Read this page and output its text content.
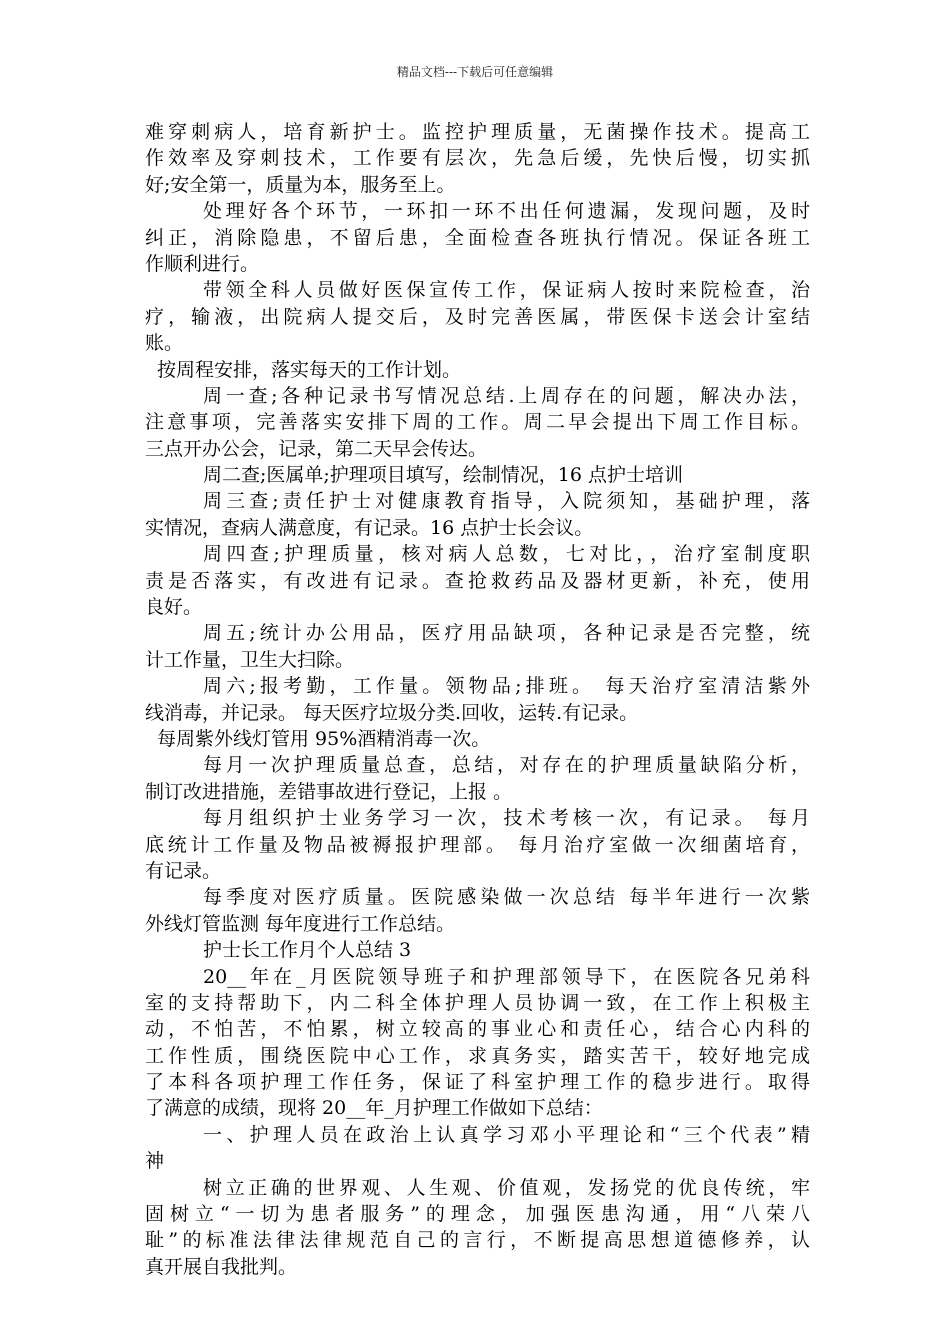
精品文档---下载后可任意编辑
难穿刺病人，培育新护士。监控护理质量，无菌操作技术。提高工
作效率及穿刺技术，工作要有层次，先急后缓，先快后慢，切实抓
好;安全第一，质量为本，服务至上。
处理好各个环节，一环扣一环不出任何遗漏，发现问题，及时
纠正，消除隐患，不留后患，全面检查各班执行情况。保证各班工
作顺利进行。
带领全科人员做好医保宣传工作，保证病人按时来院检查，治
疗，输液，出院病人提交后，及时完善医属，带医保卡送会计室结
账。
按周程安排，落实每天的工作计划。
周一查;各种记录书写情况总结.上周存在的问题，解决办法，
注意事项，完善落实安排下周的工作。周二早会提出下周工作目标。
三点开办公会，记录，第二天早会传达。
周二查;医属单;护理项目填写，绘制情况，16 点护士培训
周三查;责任护士对健康教育指导，入院须知，基础护理，落
实情况，查病人满意度，有记录。16 点护士长会议。
周四查;护理质量，核对病人总数，七对比，，治疗室制度职
责是否落实，有改进有记录。查抢救药品及器材更新，补充，使用
良好。
周五;统计办公用品，医疗用品缺项，各种记录是否完整，统
计工作量，卫生大扫除。
周六;报考勤，工作量。领物品;排班。 每天治疗室清洁紫外
线消毒，并记录。 每天医疗垃圾分类.回收，运转.有记录。
每周紫外线灯管用 95%酒精消毒一次。
每月一次护理质量总查，总结，对存在的护理质量缺陷分析，
制订改进措施，差错事故进行登记，上报 。
每月组织护士业务学习一次，技术考核一次，有记录。 每月
底统计工作量及物品被褥报护理部。 每月治疗室做一次细菌培育，
有记录。
每季度对医疗质量。医院感染做一次总结 每半年进行一次紫
外线灯管监测 每年度进行工作总结。
护士长工作月个人总结 3
20__年在_月医院领导班子和护理部领导下，在医院各兄弟科
室的支持帮助下，内二科全体护理人员协调一致，在工作上积极主
动，不怕苦，不怕累，树立较高的事业心和责任心，结合心内科的
工作性质，围绕医院中心工作，求真务实，踏实苦干，较好地完成
了本科各项护理工作任务，保证了科室护理工作的稳步进行。取得
了满意的成绩，现将 20__年_月护理工作做如下总结：
一、护理人员在政治上认真学习邓小平理论和“三个代表”精
神
树立正确的世界观、人生观、价值观，发扬党的优良传统，牢
固树立“一切为患者服务”的理念，加强医患沟通，用“八荣八
耻”的标准法律法律规范自己的言行，不断提高思想道德修养，认
真开展自我批判。
